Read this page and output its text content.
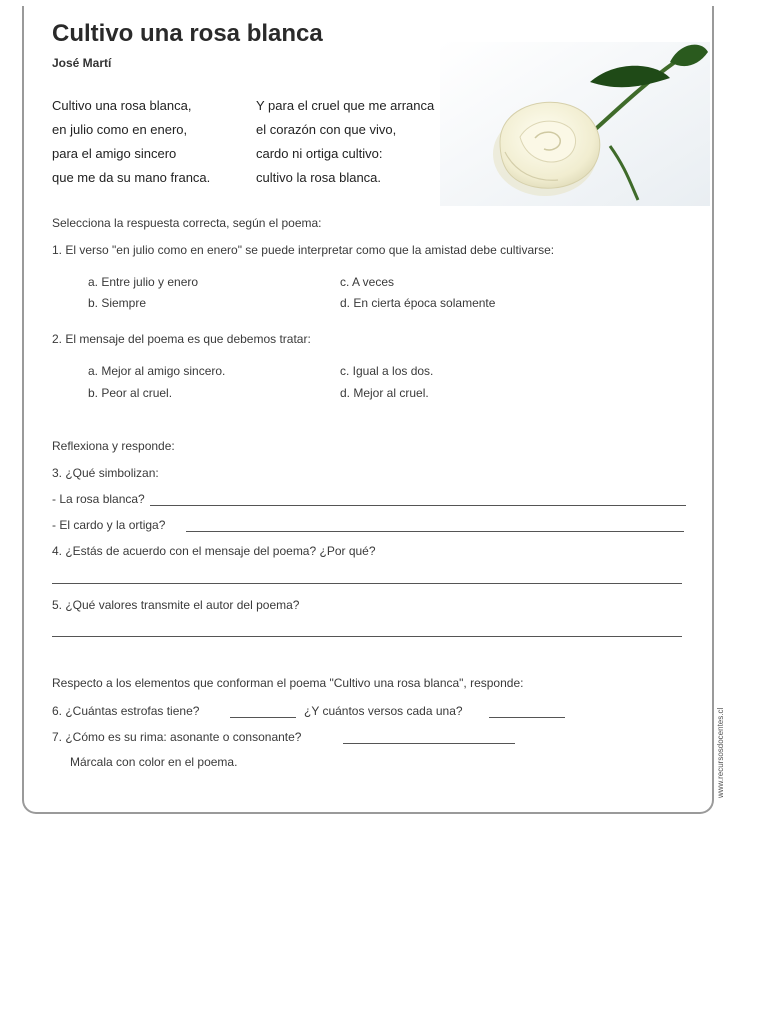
Cultivo una rosa blanca
José Martí
Cultivo una rosa blanca,
en julio como en enero,
para el amigo sincero
que me da su mano franca.
Y para el cruel que me arranca
el corazón con que vivo,
cardo ni ortiga cultivo:
cultivo la rosa blanca.
Selecciona la respuesta correcta, según el poema:
1. El verso "en julio como en enero" se puede interpretar como que la amistad debe cultivarse:
a. Entre julio y enero
b. Siempre
c. A veces
d. En cierta época solamente
2. El mensaje del poema es que debemos tratar:
a. Mejor al amigo sincero.
b. Peor al cruel.
c. Igual a los dos.
d. Mejor al cruel.
Reflexiona y responde:
3. ¿Qué simbolizan:
- La rosa blanca?
- El cardo y la ortiga?
4. ¿Estás de acuerdo con el mensaje del poema? ¿Por qué?
5. ¿Qué valores transmite el autor del poema?
Respecto a los elementos que conforman el poema "Cultivo una rosa blanca", responde:
6. ¿Cuántas estrofas tiene?	¿Y cuántos versos cada una?
7. ¿Cómo es su rima: asonante o consonante?
Márcala con color en el poema.	www.recursosdocentes.cl
